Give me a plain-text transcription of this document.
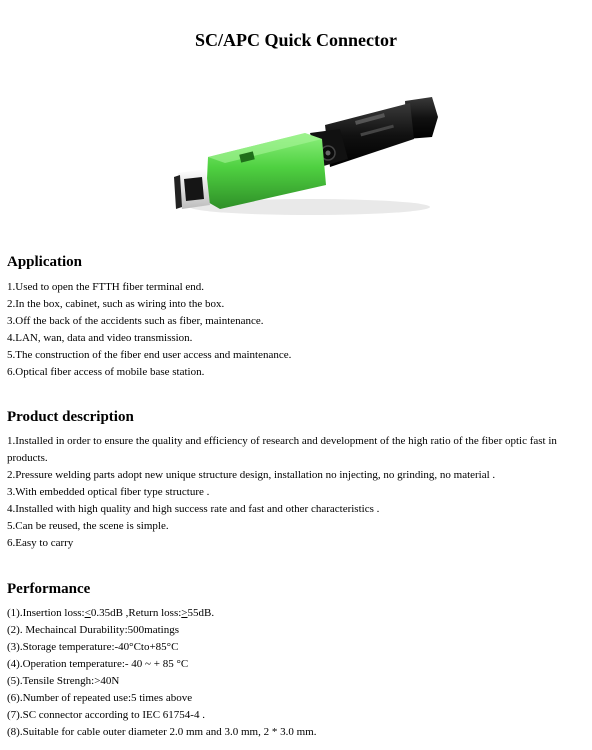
SC/APC Quick Connector
Application
1.Used to open the FTTH fiber terminal end.
2.In the box, cabinet, such as wiring into the box.
3.Off the back of the accidents such as fiber, maintenance.
4.LAN, wan, data and video transmission.
5.The construction of the fiber end user access and maintenance.
6.Optical fiber access of mobile base station.
Product description
1.Installed in order to ensure the quality and efficiency of research and development of the high ratio of the fiber optic fast in products.
2.Pressure welding parts adopt new unique structure design, installation no injecting, no grinding, no material .
3.With embedded optical fiber type structure .
4.Installed with high quality and high success rate and fast and other characteristics .
5.Can be reused, the scene is simple.
6.Easy to carry
Performance
(1).Insertion loss:<0.35dB ,Return loss:>55dB.
(2). Mechaincal Durability:500matings
(3).Storage temperature:-40°Cto+85°C
(4).Operation temperature:- 40 ~ + 85 °C
(5).Tensile Strengh:>40N
(6).Number of repeated use:5 times above
(7).SC connector according to IEC 61754-4 .
(8).Suitable for cable outer diameter 2.0 mm and 3.0 mm, 2 * 3.0 mm.
